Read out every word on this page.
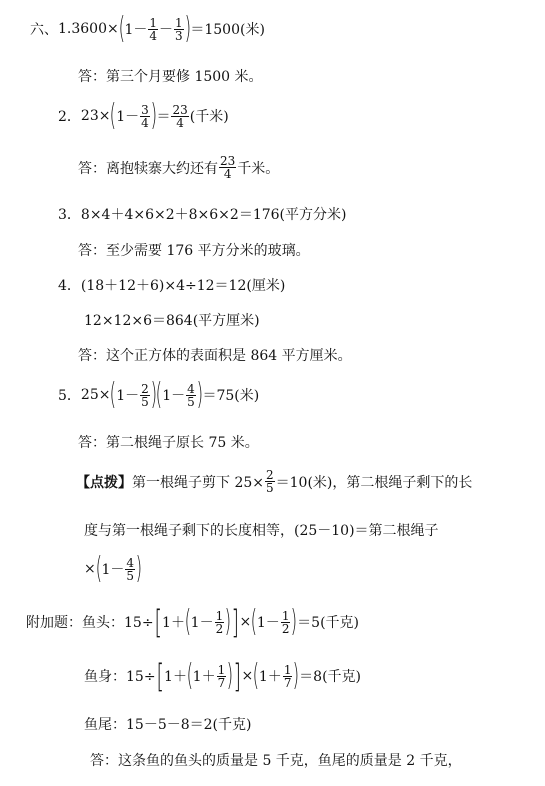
六、 1.3600× ( $1- \frac{1}{4} - \frac{1}{3}$ ) ＝1500(米)
答：第三个月要修 1500 米。
2． 23× ( $1- \frac{3}{4}$ ) ＝ $\frac{23}{4}$ (千米)
答：离抱犊寨大约还有 $\frac{23}{4}$ 千米。
3．8×4＋4×6×2＋8×6×2＝176(平方分米)
答：至少需要 176 平方分米的玻璃。
4．(18＋12＋6)×4÷12＝12(厘米)
12×12×6＝864(平方厘米)
答：这个正方体的表面积是 864 平方厘米。
5． 25× ( $1- \frac{2}{5}$ ) ( $1- \frac{4}{5}$ ) ＝75(米)
答：第二根绳子原长 75 米。
【点拨】 第一根绳子剪下 $25\times \frac{2}{5} =10$(米)，第二根绳子剩下的长
度与第一根绳子剩下的长度相等，(25－10)＝第二根绳子
× ( $1- \frac{4}{5}$ )
附加题： 鱼头：15÷ [ 1＋ ( $1- \frac{1}{2}$ ) ] × ( $1- \frac{1}{2}$ ) ＝5(千克)
鱼身：15÷ [ 1＋ ( $1+ \frac{1}{7}$ ) ] × ( $1+ \frac{1}{7}$ ) ＝8(千克)
鱼尾：15－5－8＝2(千克)
答：这条鱼的鱼头的质量是 5 千克，鱼尾的质量是 2 千克，
